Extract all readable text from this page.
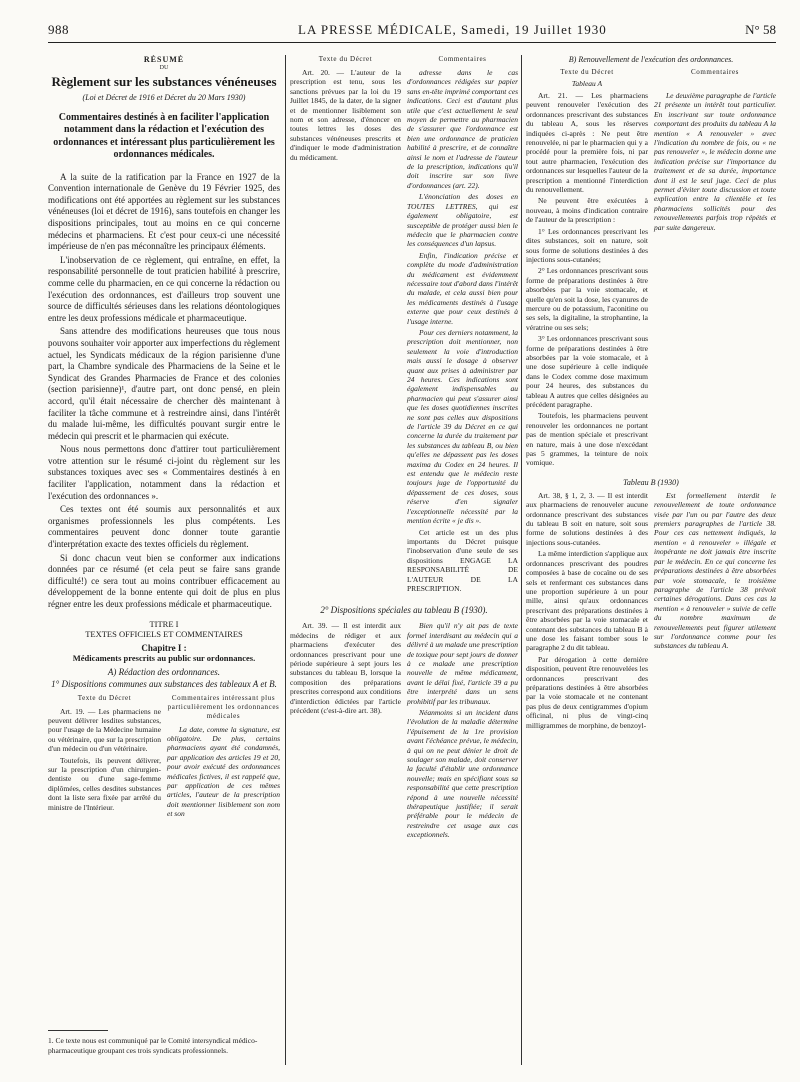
988	LA PRESSE MÉDICALE, Samedi, 19 Juillet 1930	N° 58
RÉSUMÉ
DU
Règlement sur les substances vénéneuses
(Loi et Décret de 1916 et Décret du 20 Mars 1930)
Commentaires destinés à en faciliter l'application notamment dans la rédaction et l'exécution des ordonnances et intéressant plus particulièrement les ordonnances médicales.

A la suite de la ratification par la France en 1927 de la Convention internationale de Genève du 19 Février 1925, des modifications ont été apportées au règlement sur les substances vénéneuses (loi et décret de 1916), sans toutefois en changer les dispositions principales, tout au moins en ce qui concerne médecins et pharmaciens. Et c'est pour ceux-ci une nécessité impérieuse de n'en pas méconnaître les principaux éléments.

L'inobservation de ce règlement, qui entraîne, en effet, la responsabilité personnelle de tout praticien habilité à prescrire, comme celle du pharmacien, en ce qui concerne la rédaction ou l'exécution des ordonnances, est d'ailleurs trop souvent une source de difficultés sérieuses dans les relations déontologiques entre les deux professions médicale et pharmaceutique.

Sans attendre des modifications heureuses que tous nous pouvons souhaiter voir apporter aux imperfections du règlement actuel, les Syndicats médicaux de la région parisienne d'une part, la Chambre syndicale des Pharmaciens de la Seine et le Syndicat des Grandes Pharmacies de France et des colonies (section parisienne)¹, d'autre part, ont donc pensé, en plein accord, qu'il était nécessaire de chercher dès maintenant à faciliter la tâche commune et à restreindre ainsi, dans l'intérêt du malade lui-même, les difficultés pouvant surgir entre le médecin qui prescrit et le pharmacien qui exécute.

Nous nous permettons donc d'attirer tout particulièrement votre attention sur le résumé ci-joint du règlement sur les substances toxiques avec ses « Commentaires destinés à en faciliter l'application, notamment dans la rédaction et l'exécution des ordonnances ».

Ces textes ont été soumis aux personnalités et aux organismes professionnels les plus compétents. Les commentaires peuvent donc donner toute garantie d'interprétation exacte des textes officiels du règlement.

Si donc chacun veut bien se conformer aux indications données par ce résumé (et cela peut se faire sans grande difficulté!) ce sera tout au moins contribuer efficacement au développement de la bonne entente qui doit de plus en plus régner entre les deux professions médicale et pharmaceutique.

TITRE I
TEXTES OFFICIELS ET COMMENTAIRES
Chapitre I :
Médicaments prescrits au public sur ordonnances.
A) Rédaction des ordonnances.
1° Dispositions communes aux substances des tableaux A et B.
Texte du Décret

Art. 19. — Les pharmaciens ne peuvent délivrer lesdites substances, pour l'usage de la Médecine humaine ou vétérinaire, que sur la prescription d'un médecin ou d'un vétérinaire.

Toutefois, ils peuvent délivrer, sur la prescription d'un chirurgien-dentiste ou d'une sage-femme diplômées, celles desdites substances dont la liste sera fixée par arrêté du ministre de l'Intérieur.

Commentaires intéressant plus particulièrement les ordonnances médicales

La date, comme la signature, est obligatoire. De plus, certains pharmaciens ayant été condamnés, par application des articles 19 et 20, pour avoir exécuté des ordonnances médicales fictives, il est rappelé que, par application de ces mêmes articles, l'auteur de la prescription doit mentionner lisiblement son nom et son

1. Ce texte nous est communiqué par le Comité intersyndical médico-pharmaceutique groupant ces trois syndicats professionnels.
Texte du Décret

Art. 20. — L'auteur de la prescription est tenu, sous les sanctions prévues par la loi du 19 Juillet 1845, de la dater, de la signer et de mentionner lisiblement son nom et son adresse, d'énoncer en toutes lettres les doses des substances vénéneuses prescrits et d'indiquer le mode d'administration du médicament.

Commentaires

adresse dans le cas d'ordonnances rédigées sur papier sans en-tête imprimé comportant ces indications. Ceci est d'autant plus utile que c'est actuellement le seul moyen de permettre au pharmacien de s'assurer que l'ordonnance est bien une ordonnance de praticien habilité à prescrire, et de connaître ainsi le nom et l'adresse de l'auteur de la prescription, indications qu'il doit inscrire sur son livre d'ordonnances (art. 22).

L'énonciation des doses en TOUTES LETTRES, qui est également obligatoire, est susceptible de protéger aussi bien le médecin que le pharmacien contre les conséquences d'un lapsus.

Enfin, l'indication précise et complète du mode d'administration du médicament est évidemment nécessaire tout d'abord dans l'intérêt du malade, et cela aussi bien pour les médicaments destinés à l'usage externe que pour ceux destinés à l'usage interne.

Pour ces derniers notamment, la prescription doit mentionner, non seulement la voie d'introduction mais aussi le dosage à observer quant aux prises à administrer par 24 heures. Ces indications sont également indispensables au pharmacien qui peut s'assurer ainsi que les doses quotidiennes inscrites ne sont pas celles aux dispositions de l'article 39 du Décret en ce qui concerne la durée du traitement par les substances du tableau B, ou bien qu'elles ne dépassent pas les doses maxima du Codex en 24 heures. Il est entendu que le médecin reste toujours juge de l'opportunité du dépassement de ces doses, sous réserve d'en signaler l'exceptionnelle nécessité par la mention écrite « je dis ».

Cet article est un des plus importants du Décret puisque l'inobservation d'une seule de ses dispositions ENGAGE LA RESPONSABILITÉ DE L'AUTEUR DE LA PRESCRIPTION.

2° Dispositions spéciales au tableau B (1930).

Art. 39. — Il est interdit aux médecins de rédiger et aux pharmaciens d'exécuter des ordonnances prescrivant pour une période supérieure à sept jours les substances du tableau B, lorsque la composition des préparations prescrites correspond aux conditions d'interdiction édictées par l'article précédent (c'est-à-dire art. 38).

Bien qu'il n'y ait pas de texte formel interdisant au médecin qui a délivré à un malade une prescription de toxique pour sept jours de donner à ce malade une prescription nouvelle de même médicament, avant le délai fixé, l'article 39 a pu être interprété dans un sens prohibitif par les tribunaux.

Néanmoins si un incident dans l'évolution de la maladie détermine l'épuisement de la 1re provision avant l'échéance prévue, le médecin, à qui on ne peut dénier le droit de soulager son malade, doit conserver la faculté d'établir une ordonnance nouvelle; mais en spécifiant sous sa responsabilité que cette prescription répond à une nouvelle nécessité thérapeutique justifiée; il serait préférable pour le médecin de restreindre cet usage aux cas exceptionnels.

B) Renouvellement de l'exécution des ordonnances.
Texte du Décret
Tableau A

Art. 21. — Les pharmaciens peuvent renouveler l'exécution des ordonnances prescrivant des substances du tableau A, sous les réserves indiquées ci-après : Ne peut être renouvelée, ni par le pharmacien qui y a procédé pour la première fois, ni par tout autre pharmacien, l'exécution des ordonnances sur lesquelles l'auteur de la prescription a mentionné l'interdiction du renouvellement.

Ne peuvent être exécutées à nouveau, à moins d'indication contraire de l'auteur de la prescription :

1° Les ordonnances prescrivant les dites substances, soit en nature, soit sous forme de solutions destinées à des injections sous-cutanées;

2° Les ordonnances prescrivant sous forme de préparations destinées à être absorbées par la voie stomacale, et quelle qu'en soit la dose, les cyanures de mercure ou de potassium, l'aconitine ou ses sels, la digitaline, la strophantine, la vératrine ou ses sels;

3° Les ordonnances prescrivant sous forme de préparations destinées à être absorbées par la voie stomacale, et à une dose supérieure à celle indiquée dans le Codex comme dose maximum pour 24 heures, des substances du tableau A autres que celles désignées au précédent paragraphe.

Toutefois, les pharmaciens peuvent renouveler les ordonnances ne portant pas de mention spéciale et prescrivant en nature, mais à une dose n'excédant pas 5 grammes, la teinture de noix vomique.

Commentaires

Le deuxième paragraphe de l'article 21 présente un intérêt tout particulier. En inscrivant sur toute ordonnance comportant des produits du tableau A la mention « A renouveler » avec l'indication du nombre de fois, ou « ne pas renouveler », le médecin donne une indication précise sur l'importance du traitement et de sa durée, importance dont il est le seul juge. Ceci de plus permet d'éviter toute discussion et toute explication entre la clientèle et les pharmaciens sollicités pour des renouvellements parfois trop répétés et par suite dangereux.

Tableau B (1930)

Art. 38, § 1, 2, 3. — Il est interdit aux pharmaciens de renouveler aucune ordonnance prescrivant des substances du tableau B soit en nature, soit sous forme de solutions destinées à des injections sous-cutanées.

La même interdiction s'applique aux ordonnances prescrivant des poudres composées à base de cocaïne ou de ses sels et renfermant ces substances dans une proportion supérieure à un pour mille, ainsi qu'aux ordonnances prescrivant des préparations destinées à être absorbées par la voie stomacale et contenant des substances du tableau B à une dose les faisant tomber sous le paragraphe 2 du dit tableau.

Par dérogation à cette dernière disposition, peuvent être renouvelées les ordonnances prescrivant des préparations destinées à être absorbées par la voie stomacale et ne contenant pas plus de deux centigrammes d'opium officinal, ni plus de vingt-cinq milligrammes de morphine, de benzoyl-

Est formellement interdit le renouvellement de toute ordonnance visée par l'un ou par l'autre des deux premiers paragraphes de l'article 38. Pour ces cas nettement indiqués, la mention « à renouveler » illégale et inopérante ne doit jamais être inscrite par le médecin. En ce qui concerne les préparations destinées à être absorbées par voie stomacale, le troisième paragraphe de l'article 38 prévoit certaines dérogations. Dans ces cas la mention « à renouveler » suivie de celle du nombre maximum de renouvellements peut figurer utilement sur l'ordonnance comme pour les substances du tableau A.
